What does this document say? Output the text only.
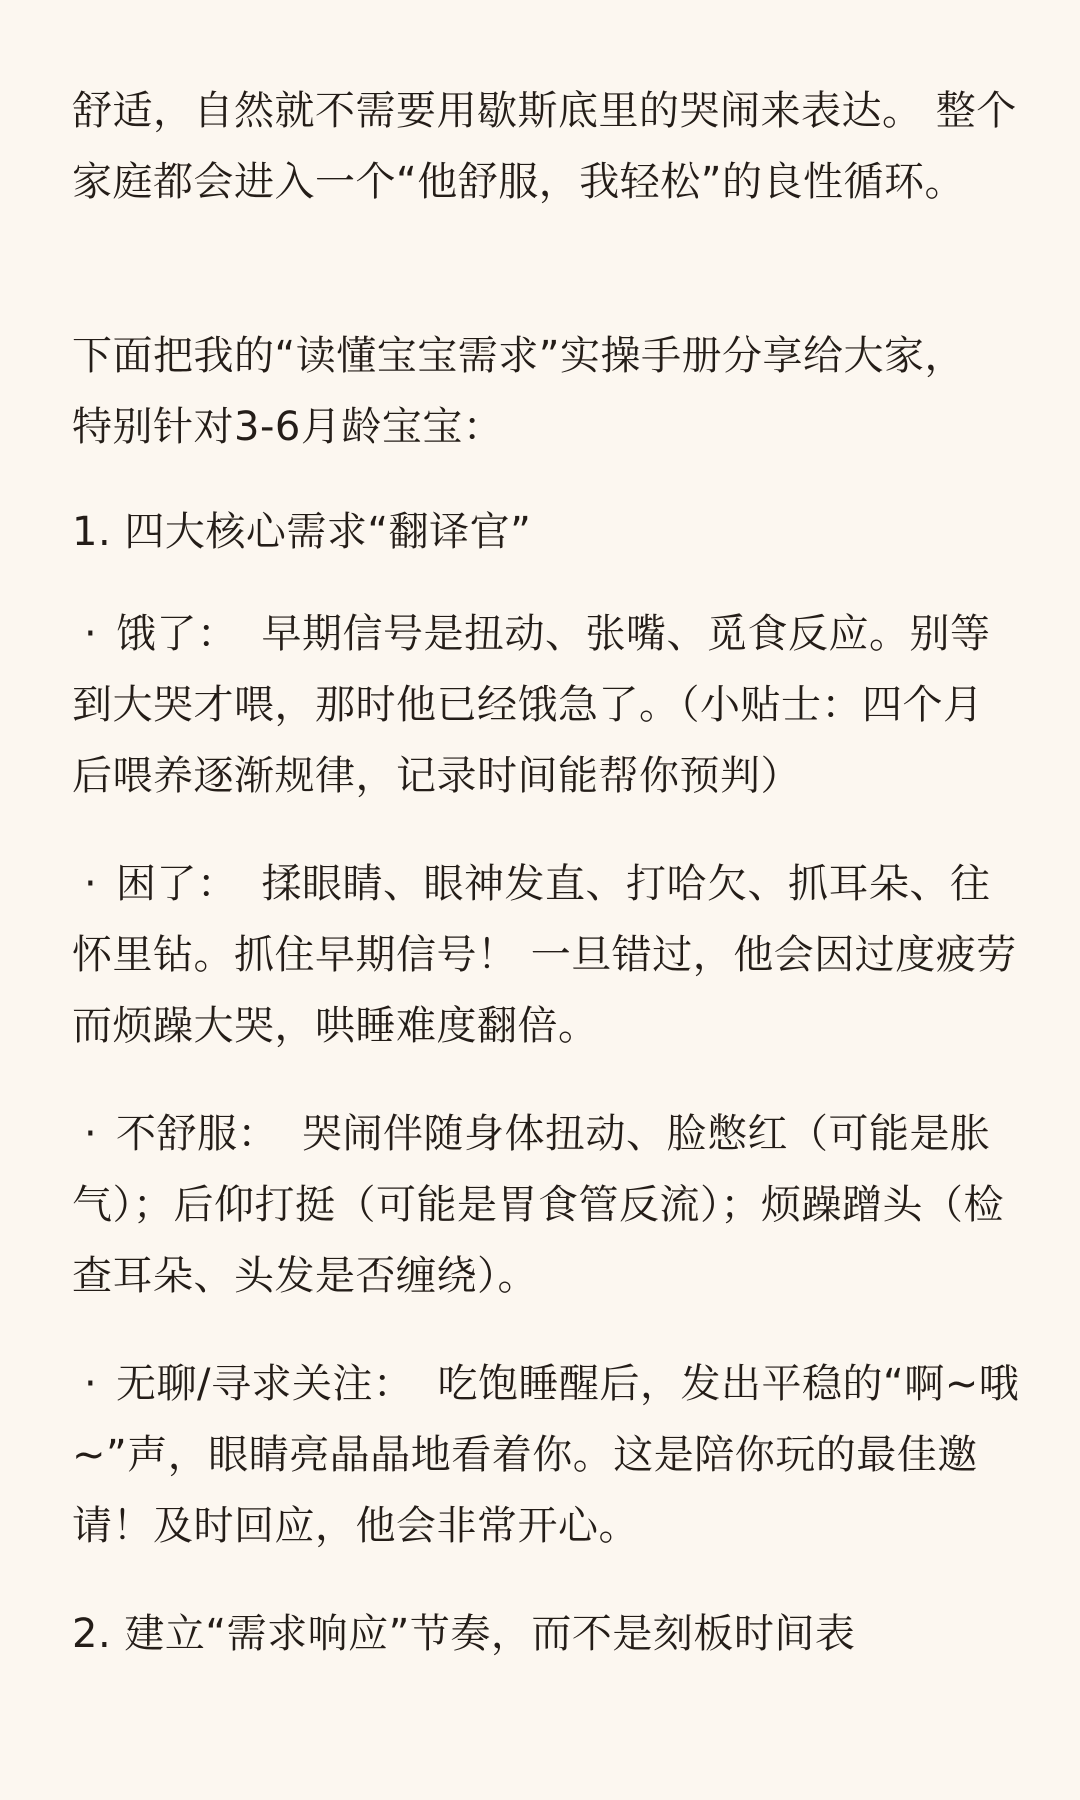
舒适，自然就不需要用歇斯底里的哭闹来表达。 整个家庭都会进入一个“他舒服，我轻松”的良性循环。

下面把我的“读懂宝宝需求”实操手册分享给大家，特别针对3-6月龄宝宝：

1. 四大核心需求“翻译官”

· 饿了： 早期信号是扭动、张嘴、觅食反应。别等到大哭才喂，那时他已经饿急了。（小贴士：四个月后喂养逐渐规律，记录时间能帮你预判）

· 困了： 揉眼睛、眼神发直、打哈欠、抓耳朵、往怀里钻。抓住早期信号！ 一旦错过，他会因过度疲劳而烦躁大哭，哄睡难度翻倍。

· 不舒服： 哭闹伴随身体扭动、脸憋红（可能是胀气）；后仰打挺（可能是胃食管反流）；烦躁蹭头（检查耳朵、头发是否缠绕）。

· 无聊/寻求关注： 吃饱睡醒后，发出平稳的“啊~哦~”声，眼睛亮晶晶地看着你。这是陪你玩的最佳邀请！及时回应，他会非常开心。

2. 建立“需求响应”节奏，而不是刻板时间表
